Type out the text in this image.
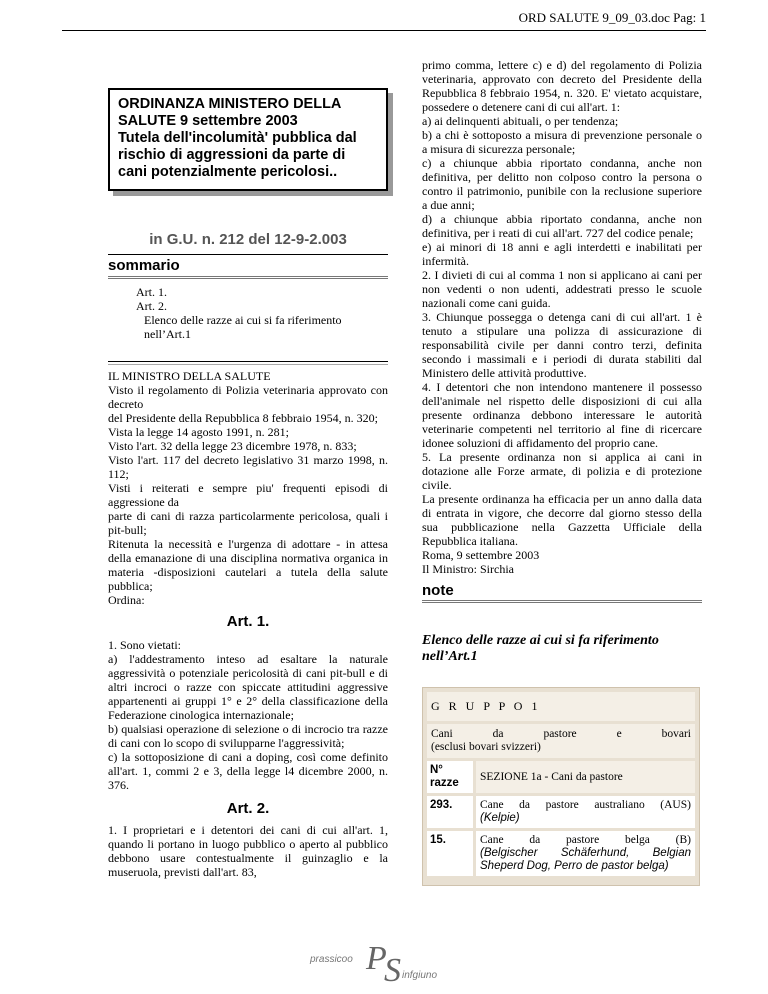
ORD SALUTE 9_09_03.doc Pag: 1
ORDINANZA MINISTERO DELLA
SALUTE 9 settembre 2003
Tutela dell'incolumità' pubblica dal
rischio di aggressioni da parte di
cani potenzialmente pericolosi..
in G.U. n. 212 del 12-9-2.003
sommario
Art. 1.
Art. 2.
Elenco delle razze ai cui si fa riferimento
nell’Art.1

IL MINISTRO DELLA SALUTE

Visto il regolamento di Polizia veterinaria approvato con decreto

del Presidente della Repubblica 8 febbraio 1954, n. 320;

Vista la legge 14 agosto 1991, n. 281;

Visto l'art. 32 della legge 23 dicembre 1978, n. 833;

Visto l'art. 117 del decreto legislativo 31 marzo 1998, n. 112;

Visti i reiterati e sempre piu' frequenti episodi di aggressione da

parte di cani di razza particolarmente pericolosa, quali i pit-bull;

Ritenuta la necessità e l'urgenza di adottare - in attesa della emanazione di una disciplina normativa organica in materia -disposizioni cautelari a tutela della salute pubblica;

Ordina:

Art. 1.

1. Sono vietati:

a) l'addestramento inteso ad esaltare la naturale aggressività o potenziale pericolosità di cani pit-bull e di altri incroci o razze con spiccate attitudini aggressive appartenenti ai gruppi 1° e 2° della classificazione della Federazione cinologica internazionale;

b) qualsiasi operazione di selezione o di incrocio tra razze di cani con lo scopo di svilupparne l'aggressività;

c) la sottoposizione di cani a doping, così come definito all'art. 1, commi 2 e 3, della legge l4 dicembre 2000, n. 376.

Art. 2.

1. I proprietari e i detentori dei cani di cui all'art. 1, quando li portano in luogo pubblico o aperto al pubblico debbono usare contestualmente il guinzaglio e la museruola, previsti dall'art. 83,

primo comma, lettere c) e d) del regolamento di Polizia veterinaria, approvato con decreto del Presidente della Repubblica 8 febbraio 1954, n. 320. E' vietato acquistare, possedere o detenere cani di cui all'art. 1:

a) ai delinquenti abituali, o per tendenza;

b) a chi è sottoposto a misura di prevenzione personale o a misura di sicurezza personale;

c) a chiunque abbia riportato condanna, anche non definitiva, per delitto non colposo contro la persona o contro il patrimonio, punibile con la reclusione superiore a due anni;

d) a chiunque abbia riportato condanna, anche non definitiva, per i reati di cui all'art. 727 del codice penale;

e) ai minori di 18 anni e agli interdetti e inabilitati per infermità.

2. I divieti di cui al comma 1 non si applicano ai cani per non vedenti o non udenti, addestrati presso le scuole nazionali come cani guida.

3. Chiunque possegga o detenga cani di cui all'art. 1 è tenuto a stipulare una polizza di assicurazione di responsabilità civile per danni contro terzi, definita secondo i massimali e i periodi di durata stabiliti dal Ministero delle attività produttive.

4. I detentori che non intendono mantenere il possesso dell'animale nel rispetto delle disposizioni di cui alla presente ordinanza debbono interessare le autorità veterinarie competenti nel territorio al fine di ricercare idonee soluzioni di affidamento del proprio cane.

5. La presente ordinanza non si applica ai cani in dotazione alle Forze armate, di polizia e di protezione civile.

La presente ordinanza ha efficacia per un anno dalla data di entrata in vigore, che decorre dal giorno stesso della sua pubblicazione nella Gazzetta Ufficiale della Repubblica italiana.

Roma, 9 settembre 2003

Il Ministro: Sirchia

note
Elenco delle razze ai cui si fa riferimento nell’Art.1
G R U P P O 1
Cani	da	pastore	e	bovari
(esclusi bovari svizzeri)
N° razze
SEZIONE 1a - Cani da pastore
293.	Cane da pastore australiano (AUS)
(Kelpie)
15.	Cane da pastore belga (B)
(Belgischer Schäferhund, Belgian Sheperd Dog, Perro de pastor belga)
prassicoo P
S infgiuno
